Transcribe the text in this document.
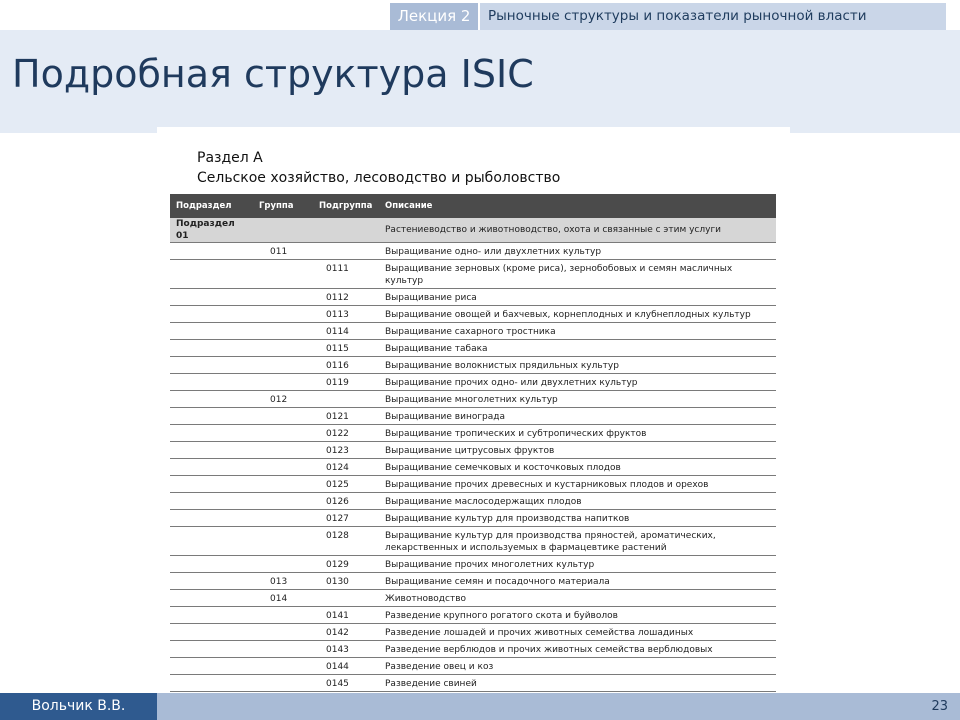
Лекция 2	Рыночные структуры и показатели рыночной власти
Подробная структура ISIC
Раздел А
Сельское хозяйство, лесоводство и рыболовство
Подраздел	Группа	Подгруппа	Описание
Подраздел 01			Растениеводство и животноводство, охота и связанные с этим услуги
	011		Выращивание одно- или двухлетних культур
		0111	Выращивание зерновых (кроме риса), зернобобовых и семян масличных культур
		0112	Выращивание риса
		0113	Выращивание овощей и бахчевых, корнеплодных и клубнеплодных культур
		0114	Выращивание сахарного тростника
		0115	Выращивание табака
		0116	Выращивание волокнистых прядильных культур
		0119	Выращивание прочих одно- или двухлетних культур
	012		Выращивание многолетних культур
		0121	Выращивание винограда
		0122	Выращивание тропических и субтропических фруктов
		0123	Выращивание цитрусовых фруктов
		0124	Выращивание семечковых и косточковых плодов
		0125	Выращивание прочих древесных и кустарниковых плодов и орехов
		0126	Выращивание маслосодержащих плодов
		0127	Выращивание культур для производства напитков
		0128	Выращивание культур для производства пряностей, ароматических, лекарственных и используемых в фармацевтике растений
		0129	Выращивание прочих многолетних культур
	013	0130	Выращивание семян и посадочного материала
	014		Животноводство
		0141	Разведение крупного рогатого скота и буйволов
		0142	Разведение лошадей и прочих животных семейства лошадиных
		0143	Разведение верблюдов и прочих животных семейства верблюдовых
		0144	Разведение овец и коз
		0145	Разведение свиней
Вольчик В.В.	23
